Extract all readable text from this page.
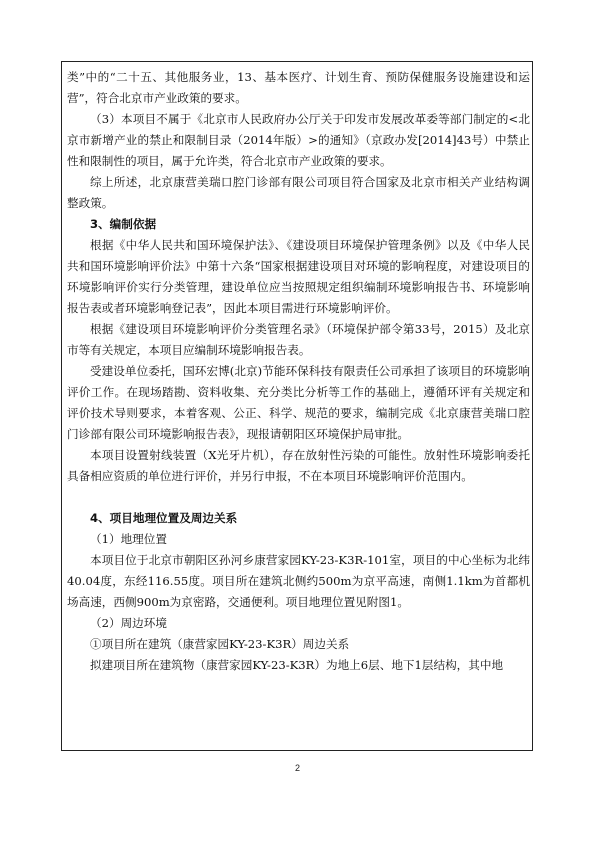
类”中的“二十五、其他服务业，13、基本医疗、计划生育、预防保健服务设施建设和运营”，符合北京市产业政策的要求。

（3）本项目不属于《北京市人民政府办公厅关于印发市发展改革委等部门制定的<北京市新增产业的禁止和限制目录（2014年版）>的通知》（京政办发[2014]43号）中禁止性和限制性的项目，属于允许类，符合北京市产业政策的要求。

综上所述，北京康营美瑞口腔门诊部有限公司项目符合国家及北京市相关产业结构调整政策。

3、编制依据

根据《中华人民共和国环境保护法》、《建设项目环境保护管理条例》以及《中华人民共和国环境影响评价法》中第十六条“国家根据建设项目对环境的影响程度，对建设项目的环境影响评价实行分类管理，建设单位应当按照规定组织编制环境影响报告书、环境影响报告表或者环境影响登记表”，因此本项目需进行环境影响评价。

根据《建设项目环境影响评价分类管理名录》（环境保护部令第33号，2015）及北京市等有关规定，本项目应编制环境影响报告表。

受建设单位委托，国环宏博(北京)节能环保科技有限责任公司承担了该项目的环境影响评价工作。在现场踏勘、资料收集、充分类比分析等工作的基础上，遵循环评有关规定和评价技术导则要求，本着客观、公正、科学、规范的要求，编制完成《北京康营美瑞口腔门诊部有限公司环境影响报告表》，现报请朝阳区环境保护局审批。

本项目设置射线装置（X光牙片机），存在放射性污染的可能性。放射性环境影响委托具备相应资质的单位进行评价，并另行申报，不在本项目环境影响评价范围内。

4、项目地理位置及周边关系

（1）地理位置

本项目位于北京市朝阳区孙河乡康营家园KY-23-K3R-101室，项目的中心坐标为北纬40.04度，东经116.55度。项目所在建筑北侧约500m为京平高速，南侧1.1km为首都机场高速，西侧900m为京密路，交通便利。项目地理位置见附图1。

（2）周边环境

①项目所在建筑（康营家园KY-23-K3R）周边关系

拟建项目所在建筑物（康营家园KY-23-K3R）为地上6层、地下1层结构，其中地

2
